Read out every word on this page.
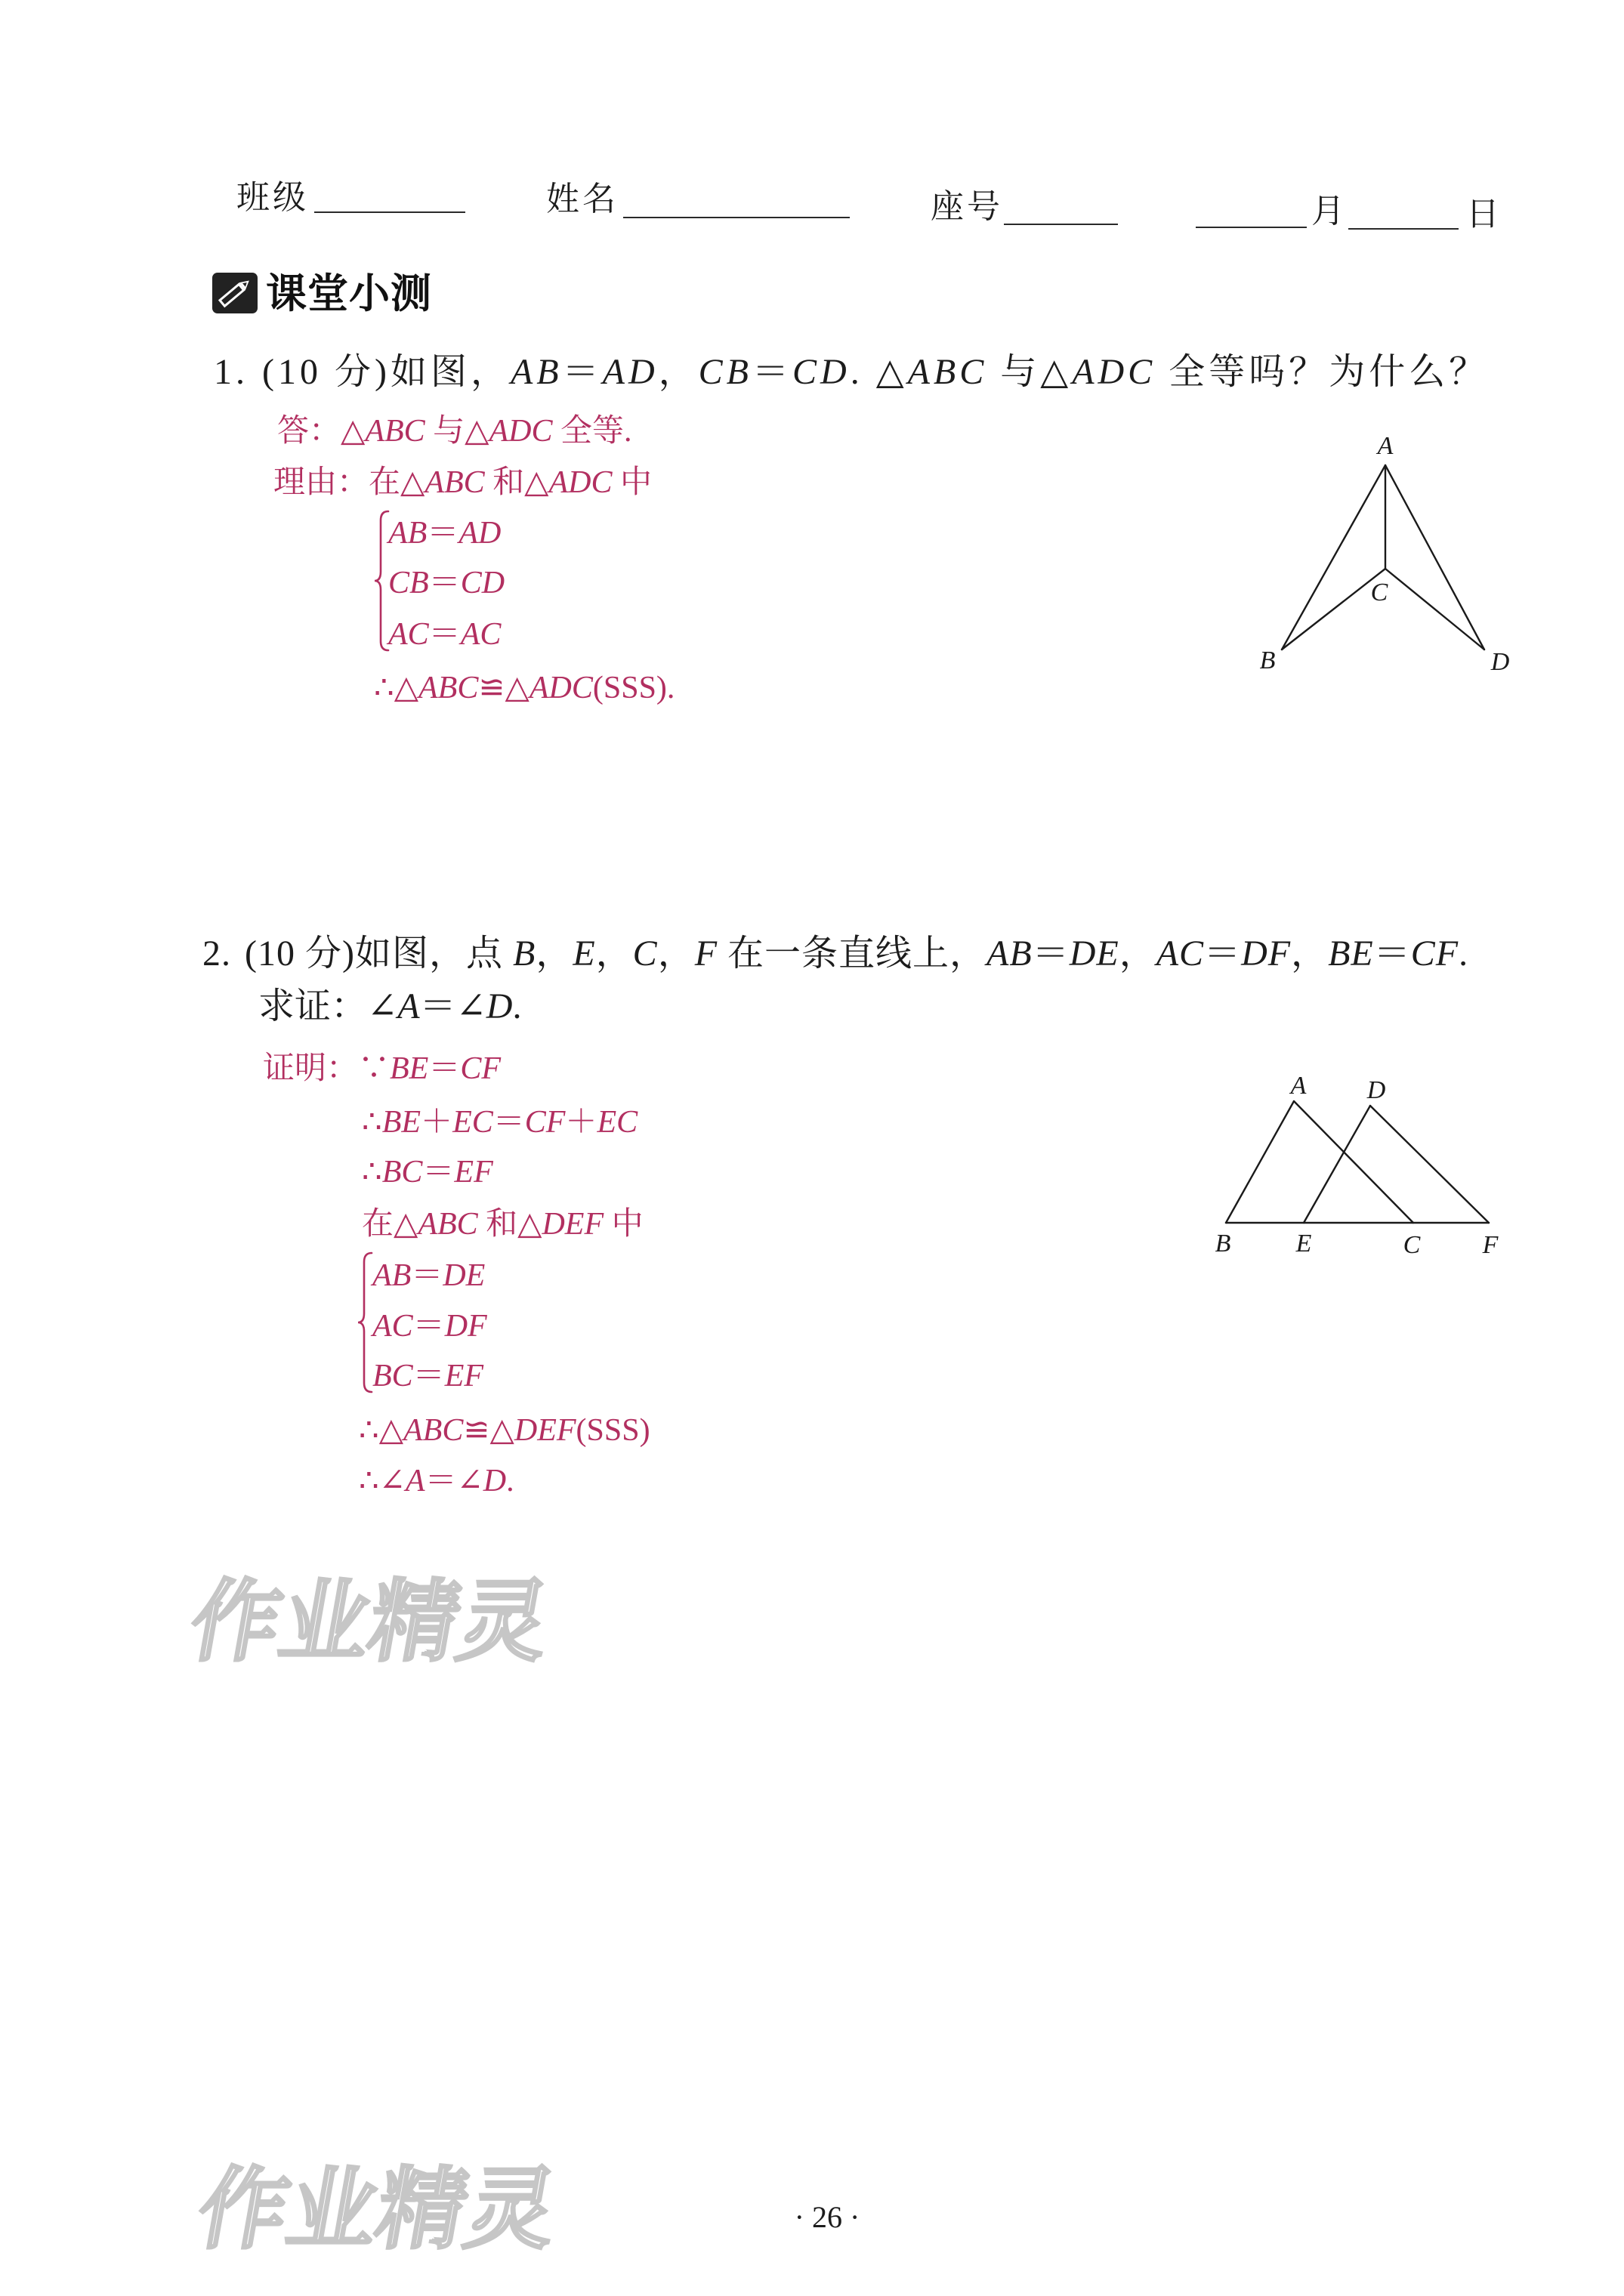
班级	姓名	座号	月	日
课堂小测
1. (10 分)如图，AB＝AD，CB＝CD. △ABC 与△ADC 全等吗？为什么？
答：△ABC 与△ADC 全等.
理由：在△ABC 和△ADC 中
AB＝AD
CB＝CD
AC＝AC
∴△ABC≌△ADC(SSS).
A
B
C
D
2. (10 分)如图，点 B，E，C，F 在一条直线上，AB＝DE，AC＝DF，BE＝CF.
求证：∠A＝∠D.
证明：∵BE＝CF
∴BE＋EC＝CF＋EC
∴BC＝EF
在△ABC 和△DEF 中
AB＝DE
AC＝DF
BC＝EF
∴△ABC≌△DEF(SSS)
∴∠A＝∠D.
A
B	C
D
E	F
作业精灵
作业精灵	· 26 ·
